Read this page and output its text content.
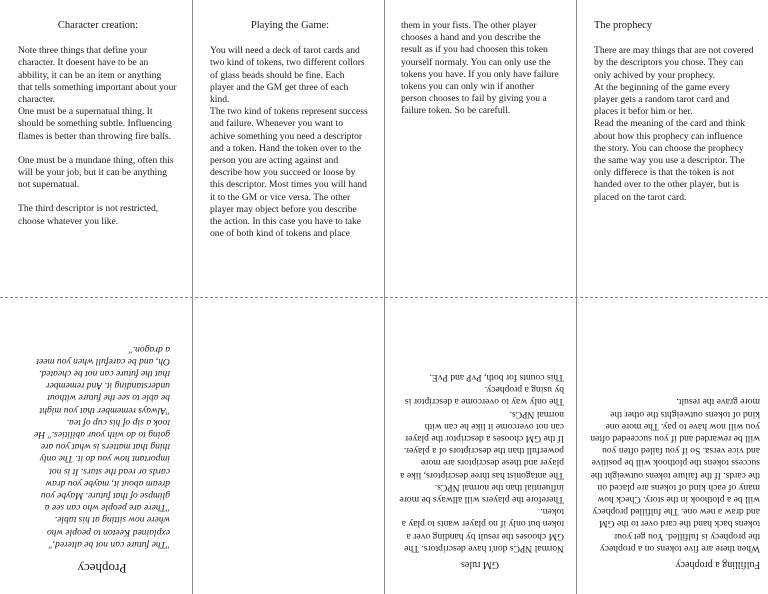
Character creation:

Note three things that define your character. It doesent have to be an abbility, it can be an item or anything that tells something important about your character.

One must be a supernatual thing. It should be something subtle. Influencing flames is better than throwing fire balls.

One must be a mundane thing, often this will be your job, but it can be anything not supernatual.

The third descriptor is not restricted, choose whatever you like.

Playing the Game:

You will need a deck of tarot cards and two kind of tokens, two different collors of glass beads should be fine. Each player and the GM get three of each kind.

The two kind of tokens represent success and failure. Whenever you want to achive something you need a descriptor and a token. Hand the token over to the person you are acting against and describe how you succeed or loose by this descriptor. Most times you will hand it to the GM or vice versa. The other player may object before you describe the action. In this case you have to take one of both kind of tokens and place

them in your fists. The other player chooses a hand and you describe the result as if you had choosen this token yourself normaly. You can only use the tokens you have. If you only have failure tokens you can only win if another person chooses to fail by giving you a failure token. So be carefull.

The prophecy

There are may things that are not covered by the descriptors you chose. They can only achived by your prophecy.

At the beginning of the game every player gets a random tarot card and places it befor him or her.

Read the meaning of the card and think about how this prophecy can influence the story. You can choose the prophecy the same way you use a descriptor. The only differece is that the token is not handed over to the other player, but is placed on the tarot card.

Prophecy

"The future can not be altered," explained Keeton to people who where now sitting at his table. "There are people who can see a glimpse of that future. Maybe you dream about it, maybe you draw cards or read the stars. It is not important how you do it. The only thing that matters is what you are going to do with your abilities." He took a sip of his cup of tea. "Always remember that you might be able to see the future without understanding it. And remember that the future can not be cheated. Oh, and be carefull when you meet a dragon."

GM rules

Normal NPCs don't have descriptors. The GM chooses the result by handing over a token but only if no player wants to play a token.

Therefore the players will allways be more influential than the normal NPCs.

The antagonist has three descriptors, like a player and these descriptors are more powerfull than the descriptors of a player. If the GM chooses a descriptor the player can not overcome it like he can with normal NPCs.

The only way to overcome a descriptor is by using a prophecy.

This counts for both, PvP and PvE.

Fulfilling a prophecy

When there are five tokens on a prophecy the prophecy is fulfilled. You get your tokens back hand the card over to the GM and draw a new one. The fulfilled prophecy will be a plothook in the story. Check how many of each kind of tokens are placed on the cards. If the failure tokens outweight the success tokens the plothook will be positive and vice versa. So if you failed often you will be rewarded and if you succeeded often you will now have to pay. The more one kind of tokens outweights the other the more grave the result.
